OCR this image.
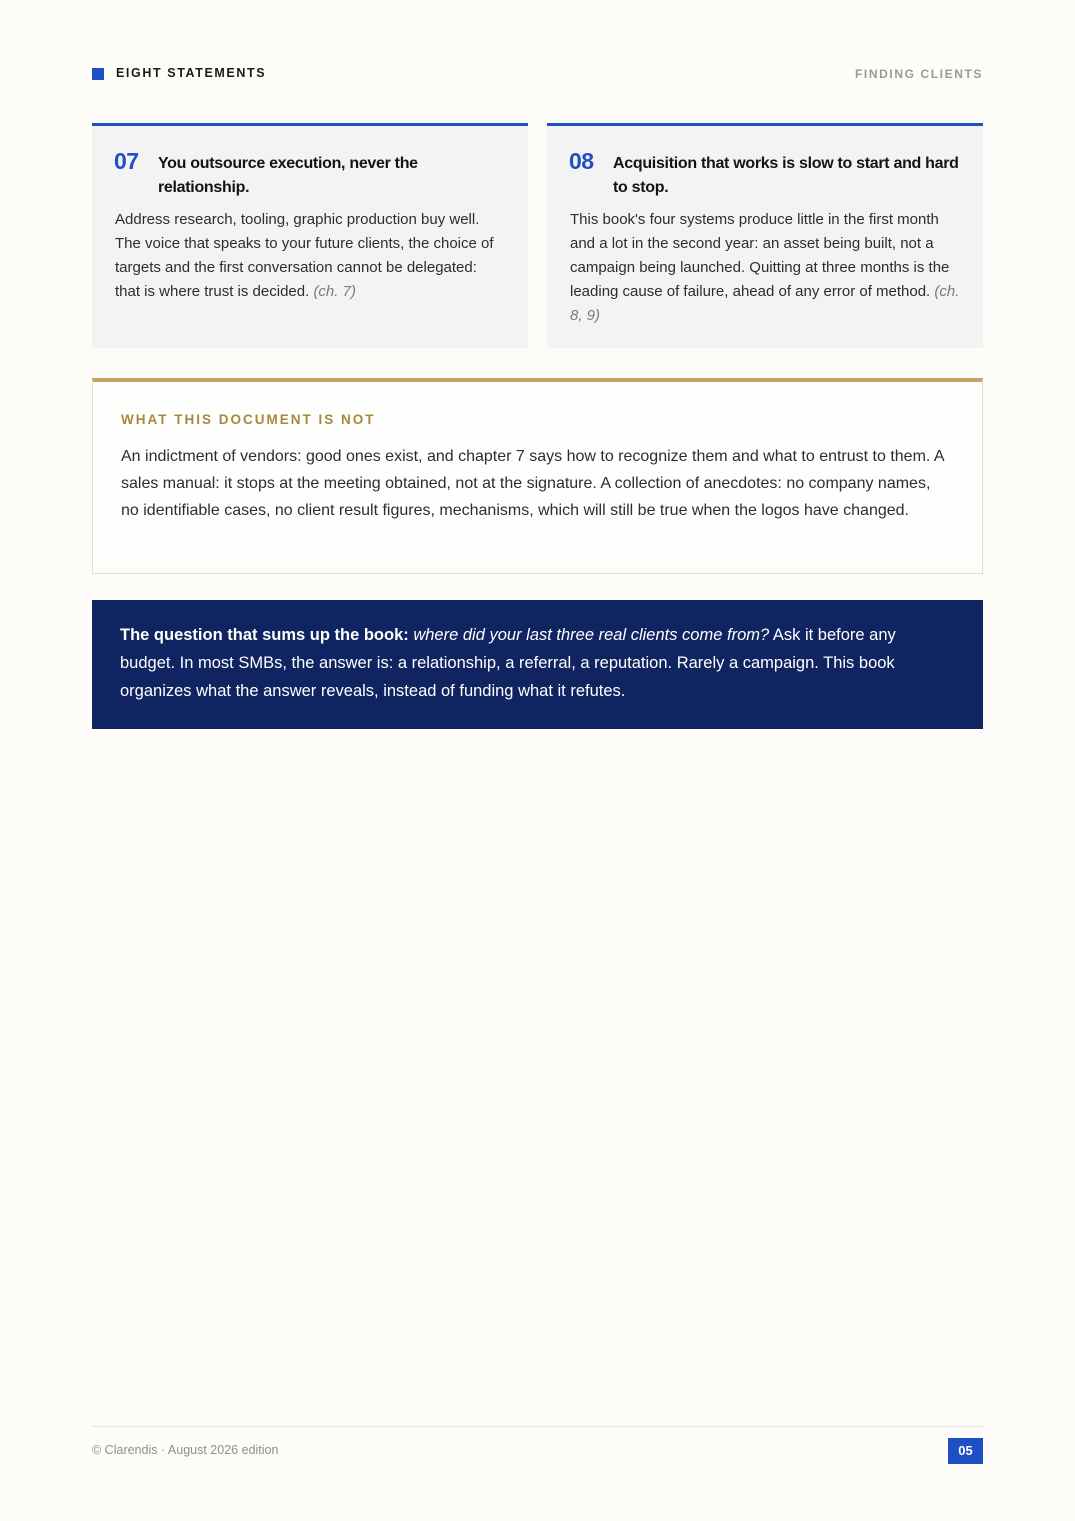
EIGHT STATEMENTS	FINDING CLIENTS
07 You outsource execution, never the relationship.
Address research, tooling, graphic production buy well. The voice that speaks to your future clients, the choice of targets and the first conversation cannot be delegated: that is where trust is decided. (ch. 7)
08 Acquisition that works is slow to start and hard to stop.
This book's four systems produce little in the first month and a lot in the second year: an asset being built, not a campaign being launched. Quitting at three months is the leading cause of failure, ahead of any error of method. (ch. 8, 9)
WHAT THIS DOCUMENT IS NOT
An indictment of vendors: good ones exist, and chapter 7 says how to recognize them and what to entrust to them. A sales manual: it stops at the meeting obtained, not at the signature. A collection of anecdotes: no company names, no identifiable cases, no client result figures, mechanisms, which will still be true when the logos have changed.
The question that sums up the book: where did your last three real clients come from? Ask it before any budget. In most SMBs, the answer is: a relationship, a referral, a reputation. Rarely a campaign. This book organizes what the answer reveals, instead of funding what it refutes.
© Clarendis · August 2026 edition	05
